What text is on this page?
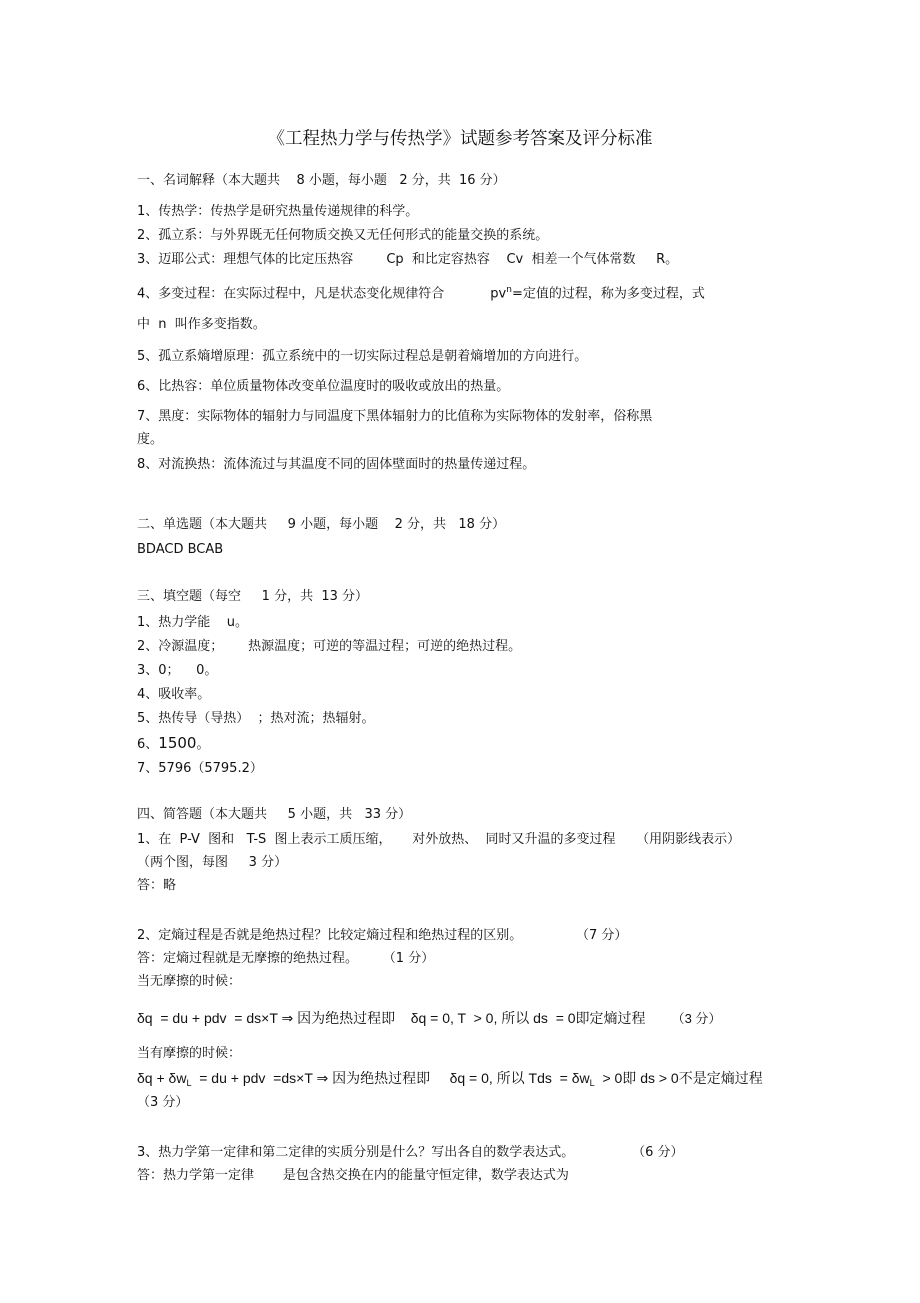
《工程热力学与传热学》试题参考答案及评分标准
一、名词解释（本大题共    8 小题，每小题   2 分，共  16 分）
1、传热学：传热学是研究热量传递规律的科学。
2、孤立系：与外界既无任何物质交换又无任何形式的能量交换的系统。
3、迈耶公式：理想气体的比定压热容        Cp  和比定容热容    Cv  相差一个气体常数     R。
4、多变过程：在实际过程中，凡是状态变化规律符合	$pv^n=$定值的过程，称为多变过程，式
中  n  叫作多变指数。
5、孤立系熵增原理：孤立系统中的一切实际过程总是朝着熵增加的方向进行。
6、比热容：单位质量物体改变单位温度时的吸收或放出的热量。
7、黑度：实际物体的辐射力与同温度下黑体辐射力的比值称为实际物体的发射率，俗称黑
度。
8、对流换热：流体流过与其温度不同的固体壁面时的热量传递过程。
二、单选题（本大题共     9 小题，每小题    2 分，共   18 分）
BDACD BCAB
三、填空题（每空     1 分，共  13 分）
1、热力学能    u。
2、冷源温度；      热源温度；可逆的等温过程；可逆的绝热过程。
3、0；    0。
4、吸收率。
5、热传导（导热）  ；热对流；热辐射。
6、1500。
7、5796（5795.2）
四、简答题（本大题共     5 小题，共   33 分）
1、在  P-V  图和   T-S  图上表示工质压缩，     对外放热、  同时又升温的多变过程     （用阴影线表示）
（两个图，每图     3 分）
答：略
2、定熵过程是否就是绝热过程？比较定熵过程和绝热过程的区别。             （7 分）
答：定熵过程就是无摩擦的绝热过程。      （1 分）
当无摩擦的时候：
δq  = du + pdv  = ds×T ⇒ 因为绝热过程即    δq = 0, T  > 0, 所以 ds  = 0即定熵过程 （3 分）
当有摩擦的时候：
$\delta q + \delta w_L$  = du + pdv  =ds×T ⇒ 因为绝热过程即     δq = 0, 所以 Tds  = $\delta w_L > 0$即 ds > 0不是定熵过程
（3 分）
3、热力学第一定律和第二定律的实质分别是什么？写出各自的数学表达式。              （6 分）
答：热力学第一定律       是包含热交换在内的能量守恒定律，数学表达式为
